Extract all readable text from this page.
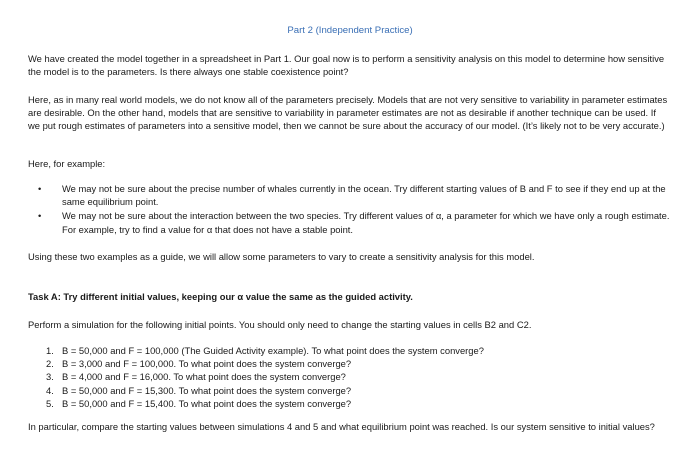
Part 2 (Independent Practice)

We have created the model together in a spreadsheet in Part 1. Our goal now is to perform a sensitivity analysis on this model to determine how sensitive the model is to the parameters. Is there always one stable coexistence point?

Here, as in many real world models, we do not know all of the parameters precisely. Models that are not very sensitive to variability in parameter estimates are desirable. On the other hand, models that are sensitive to variability in parameter estimates are not as desirable if another technique can be used. If we put rough estimates of parameters into a sensitive model, then we cannot be sure about the accuracy of our model. (It’s likely not to be very accurate.)

Here, for example:

• We may not be sure about the precise number of whales currently in the ocean. Try different starting values of B and F to see if they end up at the same equilibrium point.
• We may not be sure about the interaction between the two species. Try different values of α, a parameter for which we have only a rough estimate. For example, try to find a value for α that does not have a stable point.

Using these two examples as a guide, we will allow some parameters to vary to create a sensitivity analysis for this model.

Task A: Try different initial values, keeping our α value the same as the guided activity.

Perform a simulation for the following initial points. You should only need to change the starting values in cells B2 and C2.

1. B = 50,000 and F = 100,000 (The Guided Activity example). To what point does the system converge?
2. B = 3,000 and F = 100,000. To what point does the system converge?
3. B = 4,000 and F = 16,000. To what point does the system converge?
4. B = 50,000 and F = 15,300. To what point does the system converge?
5. B = 50,000 and F = 15,400. To what point does the system converge?

In particular, compare the starting values between simulations 4 and 5 and what equilibrium point was reached. Is our system sensitive to initial values?
